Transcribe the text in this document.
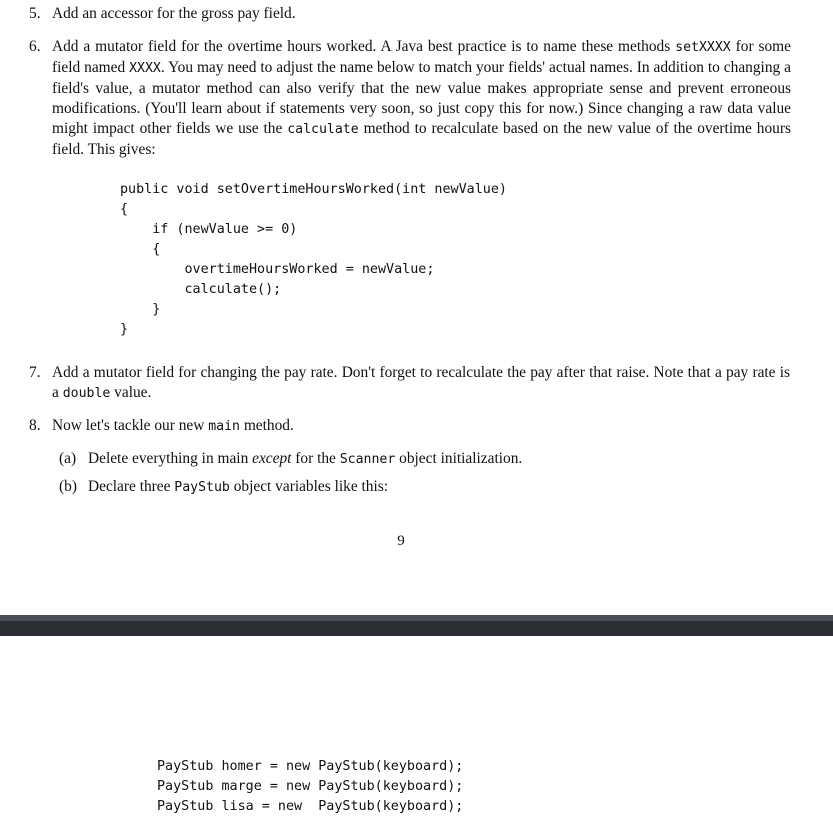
5. Add an accessor for the gross pay field.
6. Add a mutator field for the overtime hours worked. A Java best practice is to name these methods setXXXX for some field named XXXX. You may need to adjust the name below to match your fields' actual names. In addition to changing a field's value, a mutator method can also verify that the new value makes appropriate sense and prevent erroneous modifications. (You'll learn about if statements very soon, so just copy this for now.) Since changing a raw data value might impact other fields we use the calculate method to recalculate based on the new value of the overtime hours field. This gives:
public void setOvertimeHoursWorked(int newValue)
{
if (newValue >= 0)
{
overtimeHoursWorked = newValue;
calculate();
}
}
7. Add a mutator field for changing the pay rate. Don't forget to recalculate the pay after that raise. Note that a pay rate is a double value.
8. Now let's tackle our new main method.
(a) Delete everything in main except for the Scanner object initialization.
(b) Declare three PayStub object variables like this:
9
PayStub homer = new PayStub(keyboard);
PayStub marge = new PayStub(keyboard);
PayStub lisa = new  PayStub(keyboard);
